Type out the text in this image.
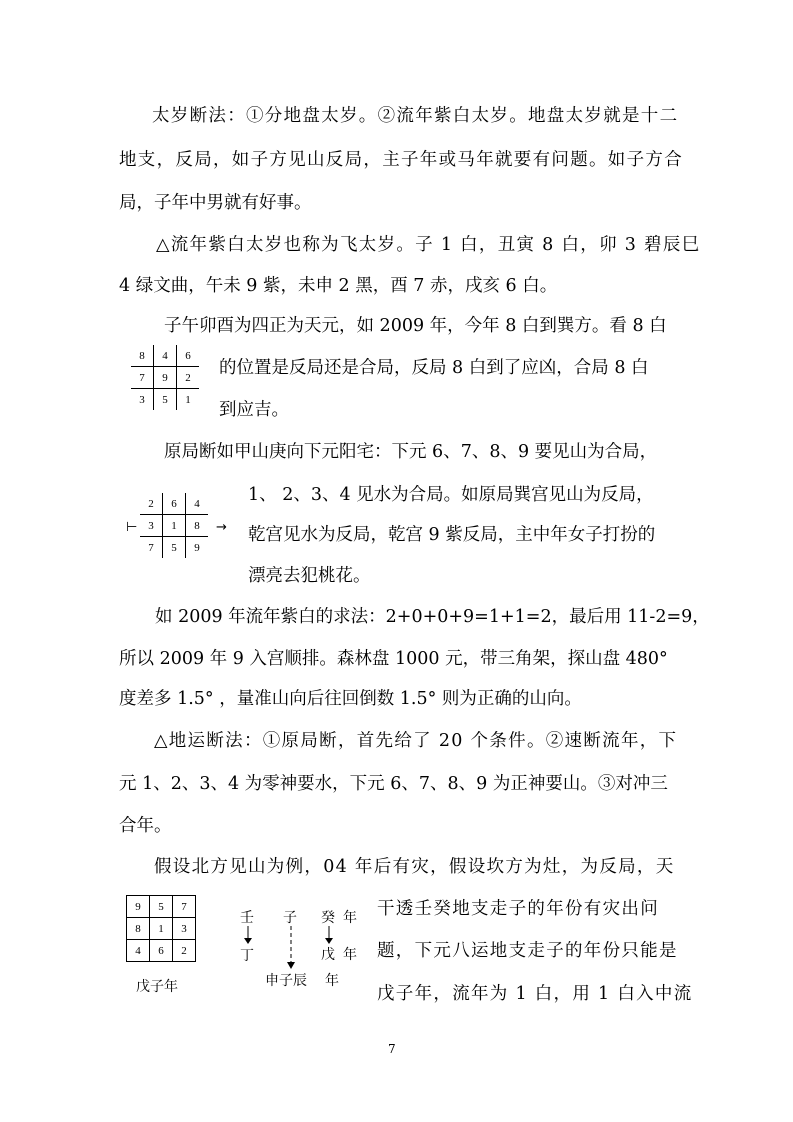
太岁断法：①分地盘太岁。②流年紫白太岁。地盘太岁就是十二
地支，反局，如子方见山反局，主子年或马年就要有问题。如子方合
局，子年中男就有好事。
△流年紫白太岁也称为飞太岁。子 1 白，丑寅 8 白，卯 3 碧辰巳
4 绿文曲，午未 9 紫，未申 2 黑，酉 7 赤，戌亥 6 白。
子午卯酉为四正为天元，如 2009 年，今年 8 白到巽方。看 8 白
的位置是反局还是合局，反局 8 白到了应凶，合局 8 白
到应吉。
原局断如甲山庚向下元阳宅：下元 6、7、8、9 要见山为合局，
1、 2、3、4 见水为合局。如原局巽宫见山为反局，
乾宫见水为反局，乾宫 9 紫反局，主中年女子打扮的
漂亮去犯桃花。
如 2009 年流年紫白的求法：2+0+0+9=1+1=2，最后用 11-2=9，
所以 2009 年 9 入宫顺排。森林盘 1000 元，带三角架，探山盘 480°
度差多 1.5° ，量准山向后往回倒数 1.5° 则为正确的山向。
△地运断法：①原局断，首先给了 20 个条件。②速断流年，下
元 1、2、3、4 为零神要水，下元 6、7、8、9 为正神要山。③对冲三
合年。
假设北方见山为例，04 年后有灾，假设坎方为灶，为反局，天
干透壬癸地支走子的年份有灾出问
题，下元八运地支走子的年份只能是
戊子年，流年为 1 白，用 1 白入中流
8	4	6
7	9	2
3	5	1
⊢
2	6	4
3	1	8
7	5	9
→
9	5	7
8	1	3
4	6	2
戊子年
壬
丁
子
申子辰
癸 年
戊 年
年
7
